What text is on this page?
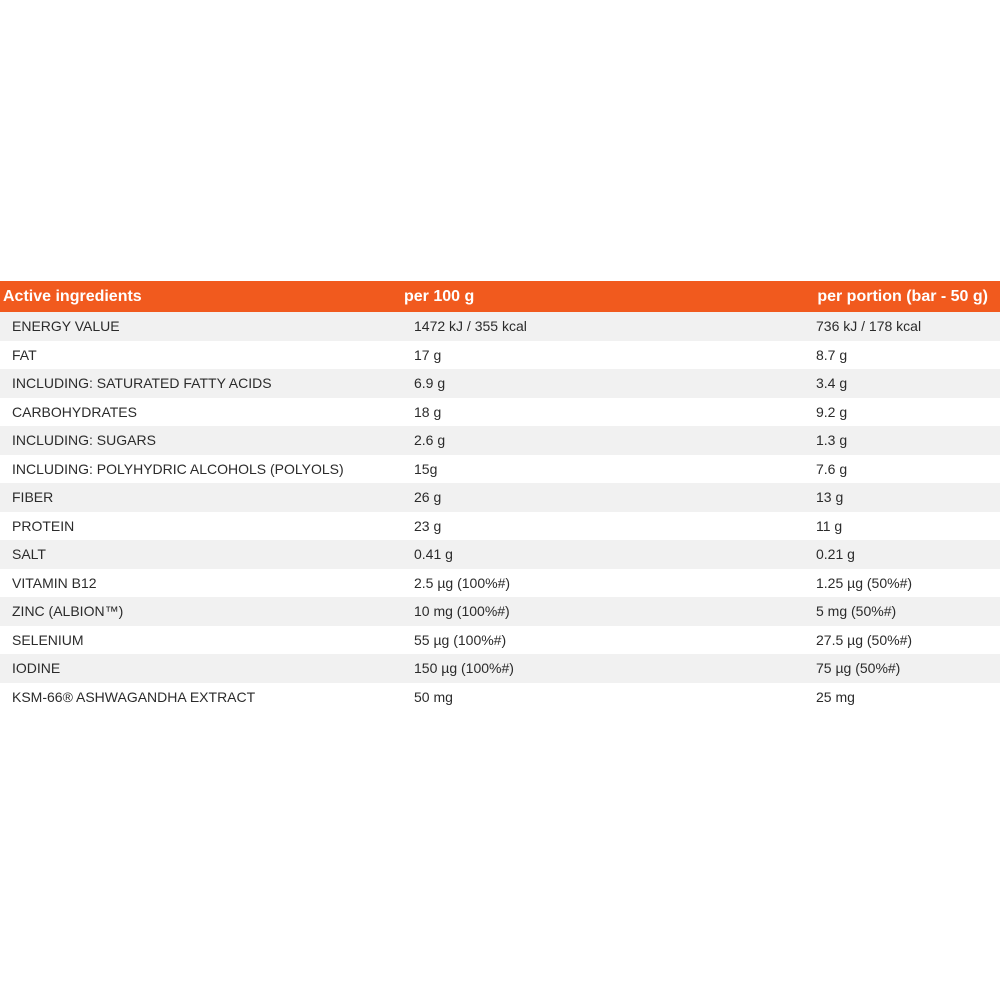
Active ingredients	per 100 g	per portion (bar - 50 g)
ENERGY VALUE	1472 kJ / 355 kcal	736 kJ / 178 kcal
FAT	17 g	8.7 g
INCLUDING: SATURATED FATTY ACIDS	6.9 g	3.4 g
CARBOHYDRATES	18 g	9.2 g
INCLUDING: SUGARS	2.6 g	1.3 g
INCLUDING: POLYHYDRIC ALCOHOLS (POLYOLS)	15g	7.6 g
FIBER	26 g	13 g
PROTEIN	23 g	11 g
SALT	0.41 g	0.21 g
VITAMIN B12	2.5 µg (100%#)	1.25 µg (50%#)
ZINC (ALBION™)	10 mg (100%#)	5 mg (50%#)
SELENIUM	55 µg (100%#)	27.5 µg (50%#)
IODINE	150 µg (100%#)	75 µg (50%#)
KSM-66® ASHWAGANDHA EXTRACT	50 mg	25 mg
